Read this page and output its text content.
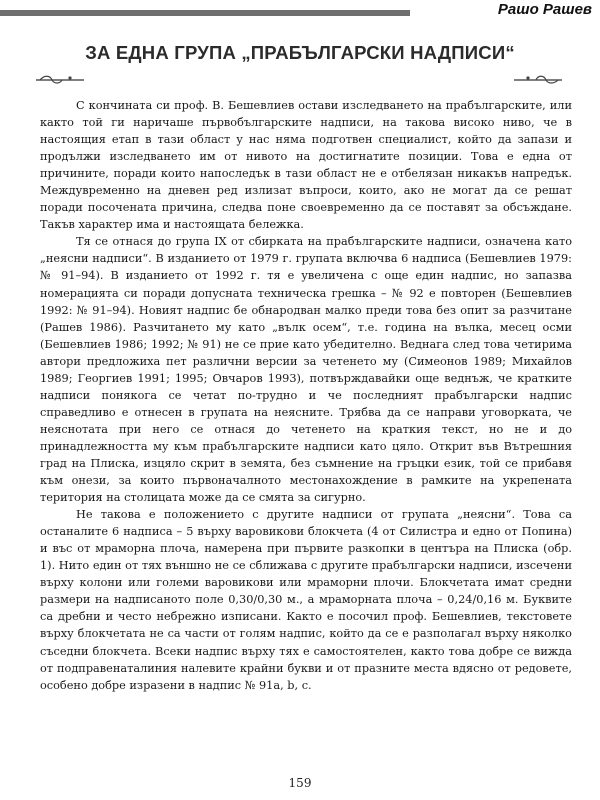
Рашо Рашев
ЗА ЕДНА ГРУПА „ПРАБЪЛГАРСКИ НАДПИСИ“

С кончината си проф. В. Бешевлиев остави изследването на прабългарските, или както той ги наричаше първобългарските надписи, на такова високо ниво, че в настоящия етап в тази област у нас няма подготвен специалист, който да запази и продължи изследването им от нивото на достигнатите позиции. Това е една от причините, поради които напоследък в тази област не е отбелязан никакъв напредък. Междувременно на дневен ред излизат въпроси, които, ако не могат да се решат поради посочената причина, следва поне своевременно да се поставят за обсъждане. Такъв характер има и настоящата бележка.

Тя се отнася до група IX от сбирката на прабългарските надписи, означена като „неясни надписи“. В изданието от 1979 г. групата включва 6 надписа (Бешевлиев 1979: № 91–94). В изданието от 1992 г. тя е увеличена с още един надпис, но запазва номерацията си поради допусната техническа грешка – № 92 е повторен (Бешевлиев 1992: № 91–94). Новият надпис бе обнародван малко преди това без опит за разчитане (Рашев 1986). Разчитането му като „вълк осем“, т.е. година на вълка, месец осми (Бешевлиев 1986; 1992; № 91) не се прие като убедително. Веднага след това четирима автори предложиха пет различни версии за четенето му (Симеонов 1989; Михайлов 1989; Георгиев 1991; 1995; Овчаров 1993), потвърждавайки още веднъж, че кратките надписи понякога се четат по-трудно и че последният прабългарски надпис справедливо е отнесен в групата на неясните. Трябва да се направи уговорката, че неяснотата при него се отнася до четенето на краткия текст, но не и до принадлежността му към прабългарските надписи като цяло. Открит във Вътрешния град на Плиска, изцяло скрит в земята, без съмнение на гръцки език, той се прибавя към онези, за които първоначалното местонахождение в рамките на укрепената територия на столицата може да се смята за сигурно.

Не такова е положението с другите надписи от групата „неясни“. Това са останалите 6 надписа – 5 върху варовикови блокчета (4 от Силистра и едно от Попина) и въс от мраморна плоча, намерена при първите разкопки в центъра на Плиска (обр. 1). Нито един от тях външно не се сближава с другите прабългарски надписи, изсечени върху колони или големи варовикови или мраморни плочи. Блокчетата имат средни размери на надписаното поле 0,30/0,30 м., а мраморната плоча – 0,24/0,16 м. Буквите са дребни и често небрежно изписани. Както е посочил проф. Бешевлиев, текстовете върху блокчетата не са части от голям надпис, който да се е разполагал върху няколко съседни блокчета. Всеки надпис върху тях е самостоятелен, както това добре се вижда от подправенаталиния налевите крайни букви и от празните места вдясно от редовете, особено добре изразени в надпис № 91a, b, c.

159
